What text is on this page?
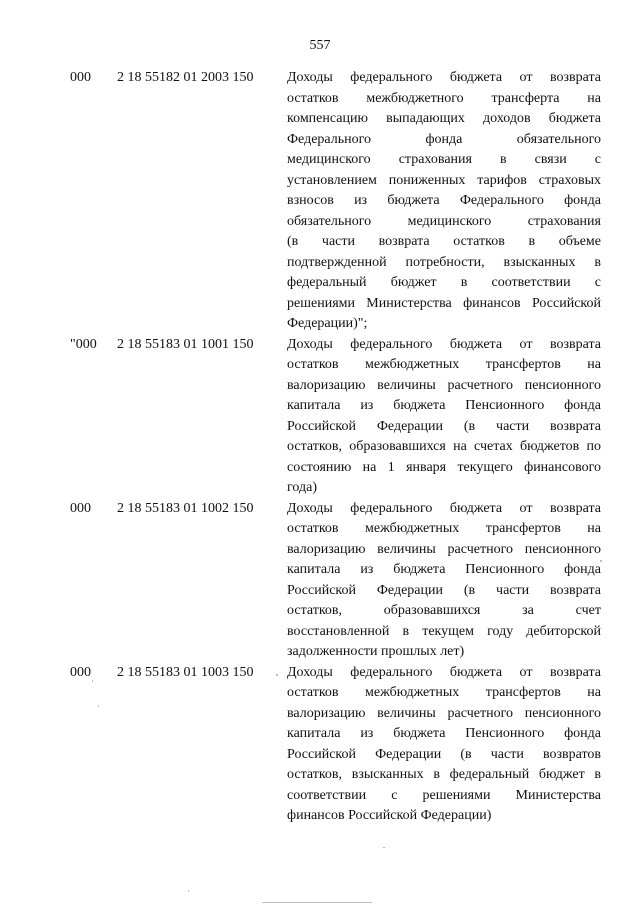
557
000 2 18 55182 01 2003 150 Доходы федерального бюджета от возврата
остатков межбюджетного трансферта на
компенсацию выпадающих доходов бюджета
Федерального фонда обязательного
медицинского страхования в связи с
установлением пониженных тарифов страховых
взносов из бюджета Федерального фонда
обязательного медицинского страхования
(в части возврата остатков в объеме
подтвержденной потребности, взысканных в
федеральный бюджет в соответствии с
решениями Министерства финансов Российской
Федерации)";
"000 2 18 55183 01 1001 150 Доходы федерального бюджета от возврата
остатков межбюджетных трансфертов на
валоризацию величины расчетного пенсионного
капитала из бюджета Пенсионного фонда
Российской Федерации (в части возврата
остатков, образовавшихся на счетах бюджетов по
состоянию на 1 января текущего финансового
года)
000 2 18 55183 01 1002 150 Доходы федерального бюджета от возврата
остатков межбюджетных трансфертов на
валоризацию величины расчетного пенсионного
капитала из бюджета Пенсионного фонда
Российской Федерации (в части возврата
остатков, образовавшихся за счет
восстановленной в текущем году дебиторской
задолженности прошлых лет)
000 2 18 55183 01 1003 150 Доходы федерального бюджета от возврата
остатков межбюджетных трансфертов на
валоризацию величины расчетного пенсионного
капитала из бюджета Пенсионного фонда
Российской Федерации (в части возвратов
остатков, взысканных в федеральный бюджет в
соответствии с решениями Министерства
финансов Российской Федерации)
